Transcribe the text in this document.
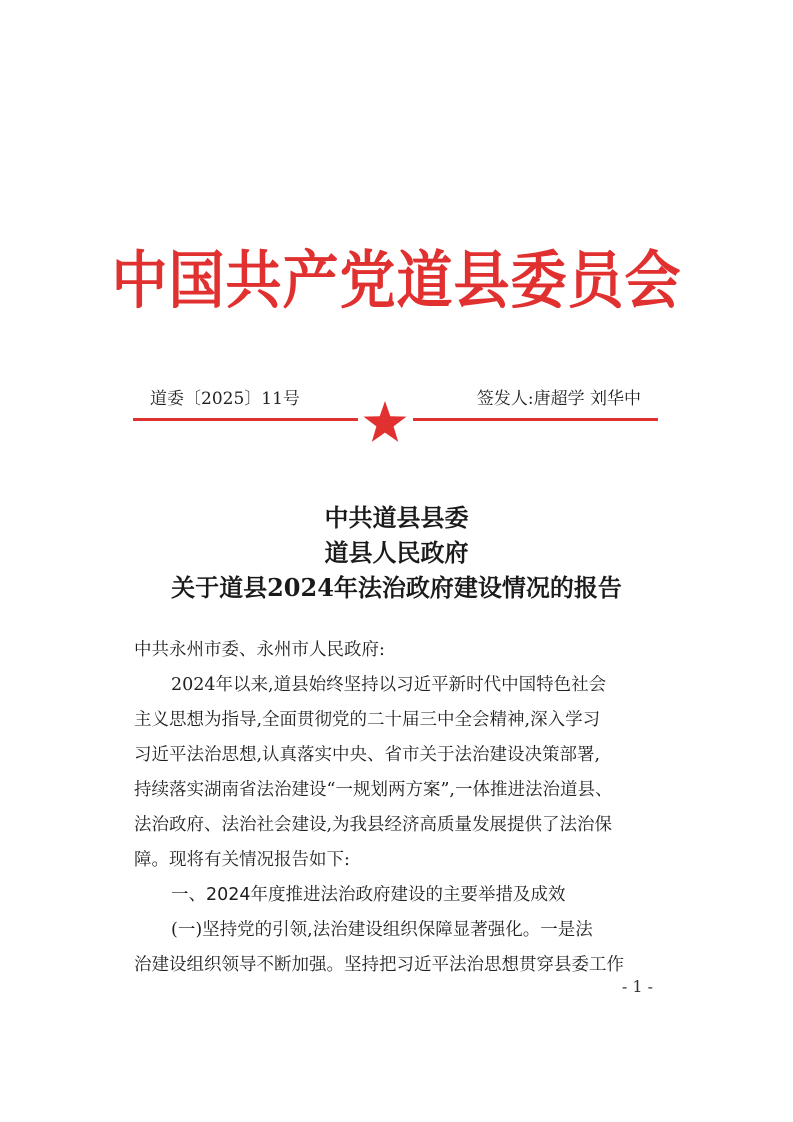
中国共产党道县委员会
道委〔2025〕11号	签发人:唐超学 刘华中
中共道县县委
道县人民政府
关于道县2024年法治政府建设情况的报告
中共永州市委、永州市人民政府:
2024年以来,道县始终坚持以习近平新时代中国特色社会
主义思想为指导,全面贯彻党的二十届三中全会精神,深入学习
习近平法治思想,认真落实中央、省市关于法治建设决策部署,
持续落实湖南省法治建设“一规划两方案”,一体推进法治道县、
法治政府、法治社会建设,为我县经济高质量发展提供了法治保
障。现将有关情况报告如下:
一、2024年度推进法治政府建设的主要举措及成效
(一)坚持党的引领,法治建设组织保障显著强化。一是法
治建设组织领导不断加强。坚持把习近平法治思想贯穿县委工作
- 1 -
